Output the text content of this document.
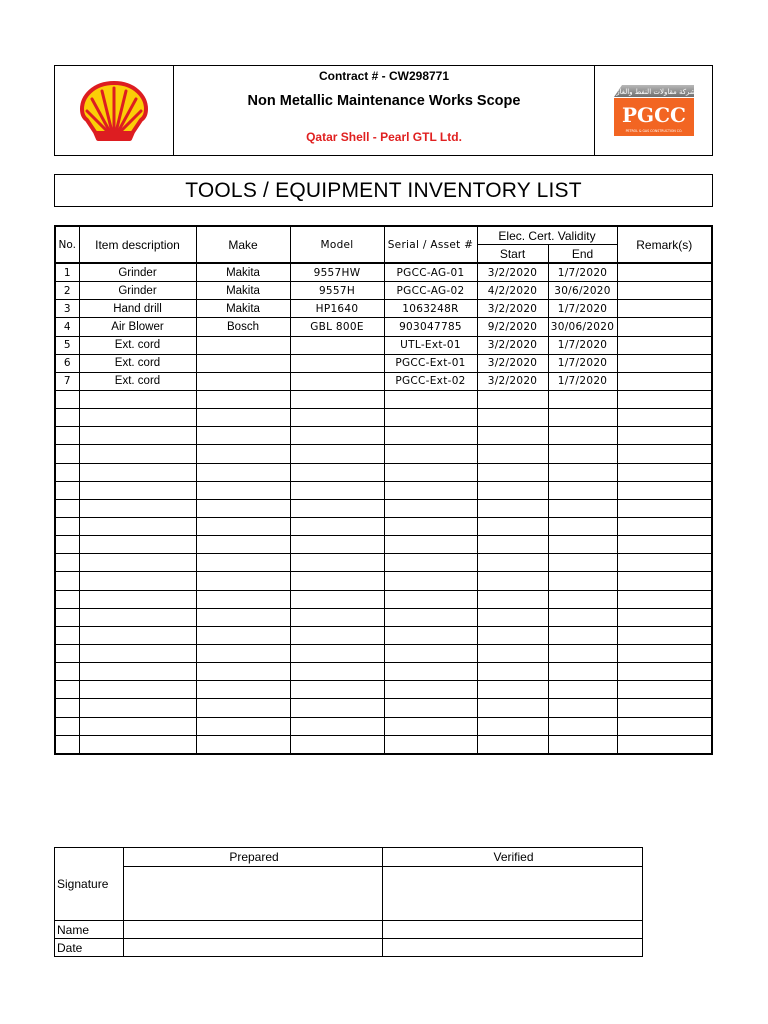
Contract # - CW298771
Non Metallic Maintenance Works Scope
Qatar Shell - Pearl GTL Ltd.
شركة مقاولات النفط والغاز
PGCC
PETROL & GAS CONSTRUCTION CO.
TOOLS / EQUIPMENT INVENTORY LIST
No.	Item description	Make	Model	Serial / Asset #	Elec. Cert. Validity		Remark(s)
					Start	End	
1	Grinder	Makita	9557HW	PGCC-AG-01	3/2/2020	1/7/2020	
2	Grinder	Makita	9557H	PGCC-AG-02	4/2/2020	30/6/2020	
3	Hand drill	Makita	HP1640	1063248R	3/2/2020	1/7/2020	
4	Air Blower	Bosch	GBL 800E	903047785	9/2/2020	30/06/2020	
5	Ext. cord			UTL-Ext-01	3/2/2020	1/7/2020	
6	Ext. cord			PGCC-Ext-01	3/2/2020	1/7/2020	
7	Ext. cord			PGCC-Ext-02	3/2/2020	1/7/2020	

Signature	Prepared	Verified

Name		
Date		
